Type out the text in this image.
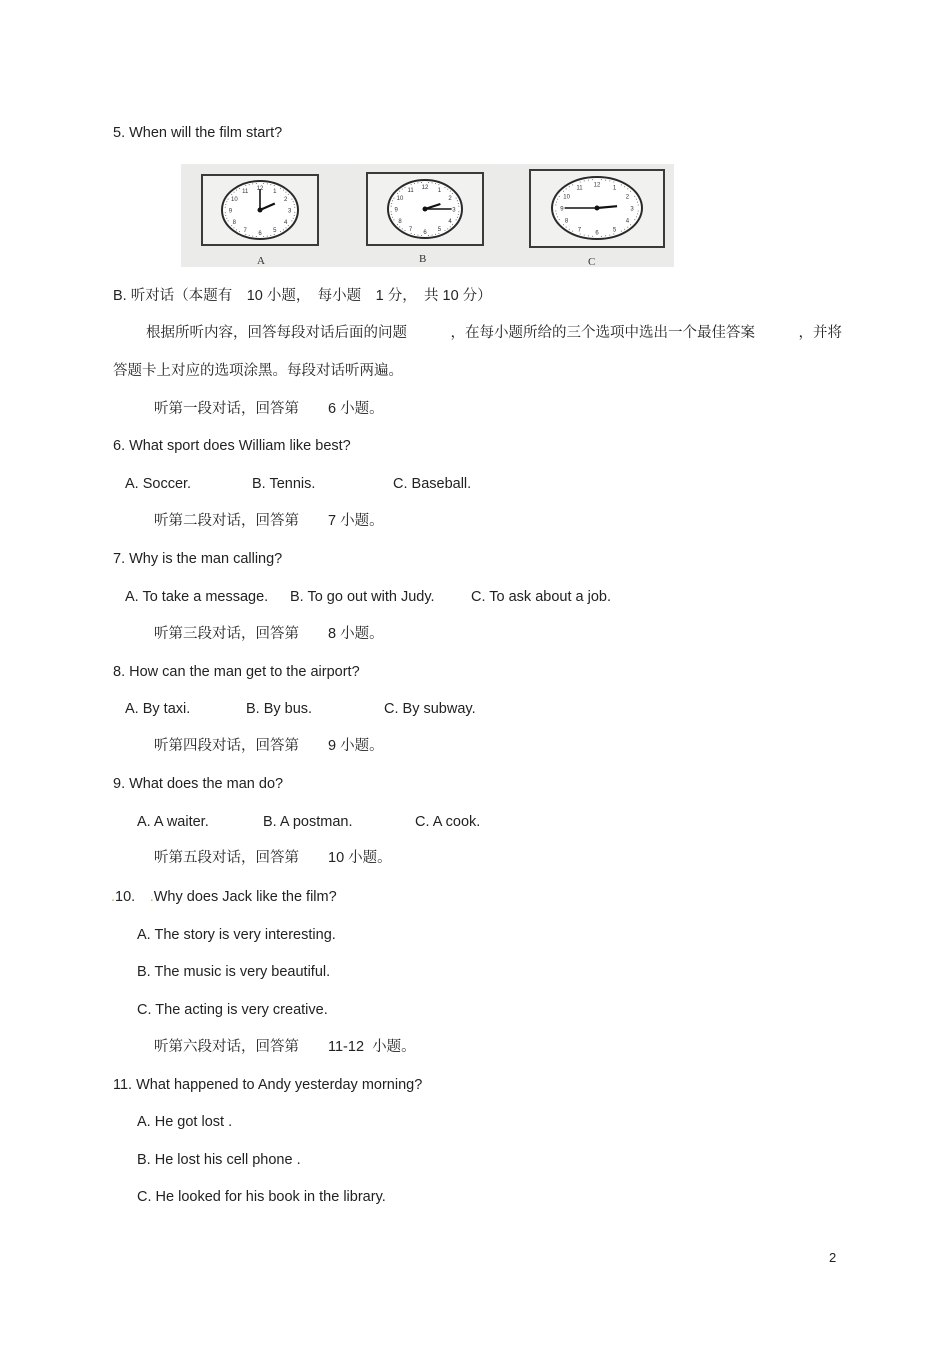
5. When will the film start?
1
2
3
4
5
6
7
8
9
10
11
12	1
2
3
4
5
6
7
8
9
10
11
12	1
2
3
4
5
6
7
8
9
10
11
12
A	B	C
B. 听对话（本题有　10 小题，　每小题　1 分，　共 10 分）
根据所听内容，回答每段对话后面的问题　　　，在每小题所给的三个选项中选出一个最佳答案　　　，并将
答题卡上对应的选项涂黑。每段对话听两遍。
听第一段对话，回答第　　6 小题。
6. What sport does William like best?
A. Soccer.	B. Tennis.	C. Baseball.
听第二段对话，回答第　　7 小题。
7. Why is the man calling?
A. To take a message. B. To go out with Judy.	C. To ask about a job.
听第三段对话，回答第　　8 小题。
8. How can the man get to the airport?
A. By taxi.	B. By bus.	C. By subway.
听第四段对话，回答第　　9 小题。
9. What does the man do?
A. A waiter.	B. A postman.	C. A cook.
听第五段对话，回答第　　10 小题。
.10.　 .Why does Jack like the film?
A. The story is very interesting.
B. The music is very beautiful.
C. The acting is very creative.
听第六段对话，回答第　　11-12  小题。
11. What happened to Andy yesterday morning?
A. He got lost .
B. He lost his cell phone .
C. He looked for his book in the library.
2
